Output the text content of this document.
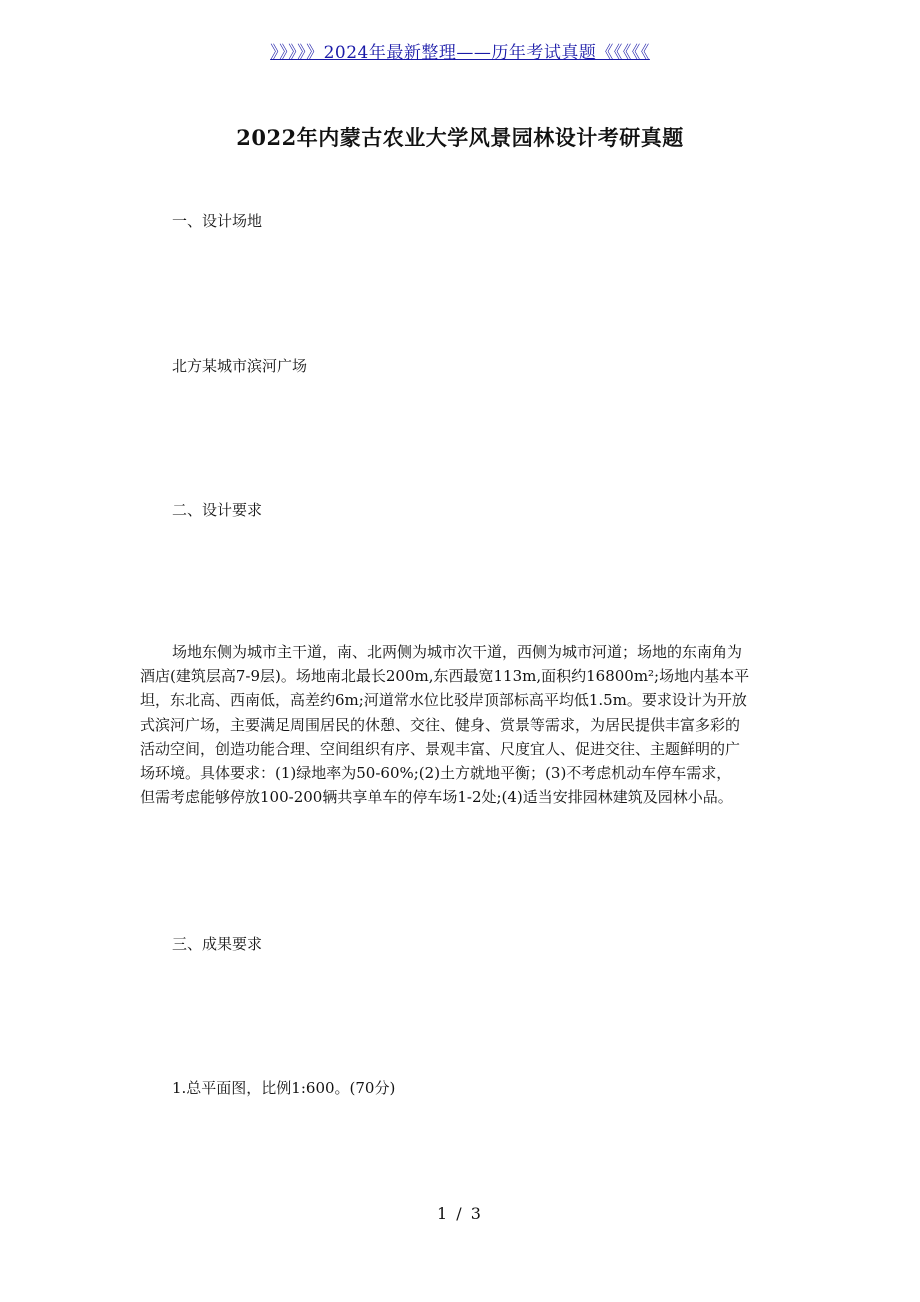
》》》》》2024年最新整理——历年考试真题《《《《《
2022年内蒙古农业大学风景园林设计考研真题
一、设计场地
北方某城市滨河广场
二、设计要求

场地东侧为城市主干道，南、北两侧为城市次干道，西侧为城市河道；场地的东南角为

酒店(建筑层高7-9层)。场地南北最长200m,东西最宽113m,面积约16800m²;场地内基本平

坦，东北高、西南低，高差约6m;河道常水位比驳岸顶部标高平均低1.5m。要求设计为开放

式滨河广场，主要满足周围居民的休憩、交往、健身、赏景等需求，为居民提供丰富多彩的

活动空间，创造功能合理、空间组织有序、景观丰富、尺度宜人、促进交往、主题鲜明的广

场环境。具体要求：(1)绿地率为50-60%;(2)土方就地平衡；(3)不考虑机动车停车需求，

但需考虑能够停放100-200辆共享单车的停车场1-2处;(4)适当安排园林建筑及园林小品。

三、成果要求
1.总平面图，比例1:600。(70分)
1 / 3
